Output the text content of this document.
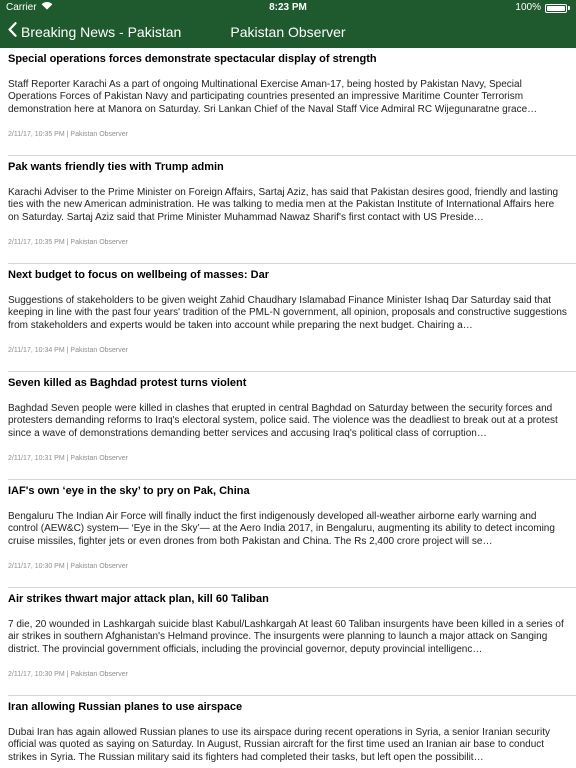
Carrier	8:23 PM	100%
Breaking News - Pakistan	Pakistan Observer

Special operations forces demonstrate spectacular display of strength

Staff Reporter Karachi As a part of ongoing Multinational Exercise Aman-17, being hosted by Pakistan Navy, Special Operations Forces of Pakistan Navy and participating countries presented an impressive Maritime Counter Terrorism demonstration here at Manora on Saturday. Sri Lankan Chief of the Naval Staff Vice Admiral RC Wijegunaratne grace…
2/11/17, 10:35 PM | Pakistan Observer

Pak wants friendly ties with Trump admin

Karachi Adviser to the Prime Minister on Foreign Affairs, Sartaj Aziz, has said that Pakistan desires good, friendly and lasting ties with the new American administration. He was talking to media men at the Pakistan Institute of International Affairs here on Saturday. Sartaj Aziz said that Prime Minister Muhammad Nawaz Sharif's first contact with US Preside…
2/11/17, 10:35 PM | Pakistan Observer

Next budget to focus on wellbeing of masses: Dar

Suggestions of stakeholders to be given weight Zahid Chaudhary Islamabad Finance Minister Ishaq Dar Saturday said that keeping in line with the past four years' tradition of the PML-N government, all opinion, proposals and constructive suggestions from stakeholders and experts would be taken into account while preparing the next budget. Chairing a…
2/11/17, 10:34 PM | Pakistan Observer

Seven killed as Baghdad protest turns violent

Baghdad Seven people were killed in clashes that erupted in central Baghdad on Saturday between the security forces and protesters demanding reforms to Iraq's electoral system, police said. The violence was the deadliest to break out at a protest since a wave of demonstrations demanding better services and accusing Iraq's political class of corruption…
2/11/17, 10:31 PM | Pakistan Observer

IAF's own ‘eye in the sky’ to pry on Pak, China

Bengaluru The Indian Air Force will finally induct the first indigenously developed all-weather airborne early warning and control (AEW&C) system— ‘Eye in the Sky’— at the Aero India 2017, in Bengaluru, augmenting its ability to detect incoming cruise missiles, fighter jets or even drones from both Pakistan and China. The Rs 2,400 crore project will se…
2/11/17, 10:30 PM | Pakistan Observer

Air strikes thwart major attack plan, kill 60 Taliban

7 die, 20 wounded in Lashkargah suicide blast Kabul/Lashkargah At least 60 Taliban insurgents have been killed in a series of air strikes in southern Afghanistan's Helmand province. The insurgents were planning to launch a major attack on Sanging district. The provincial government officials, including the provincial governor, deputy provincial intelligenc…
2/11/17, 10:30 PM | Pakistan Observer

Iran allowing Russian planes to use airspace

Dubai Iran has again allowed Russian planes to use its airspace during recent operations in Syria, a senior Iranian security official was quoted as saying on Saturday. In August, Russian aircraft for the first time used an Iranian air base to conduct strikes in Syria. The Russian military said its fighters had completed their tasks, but left open the possibilit…
